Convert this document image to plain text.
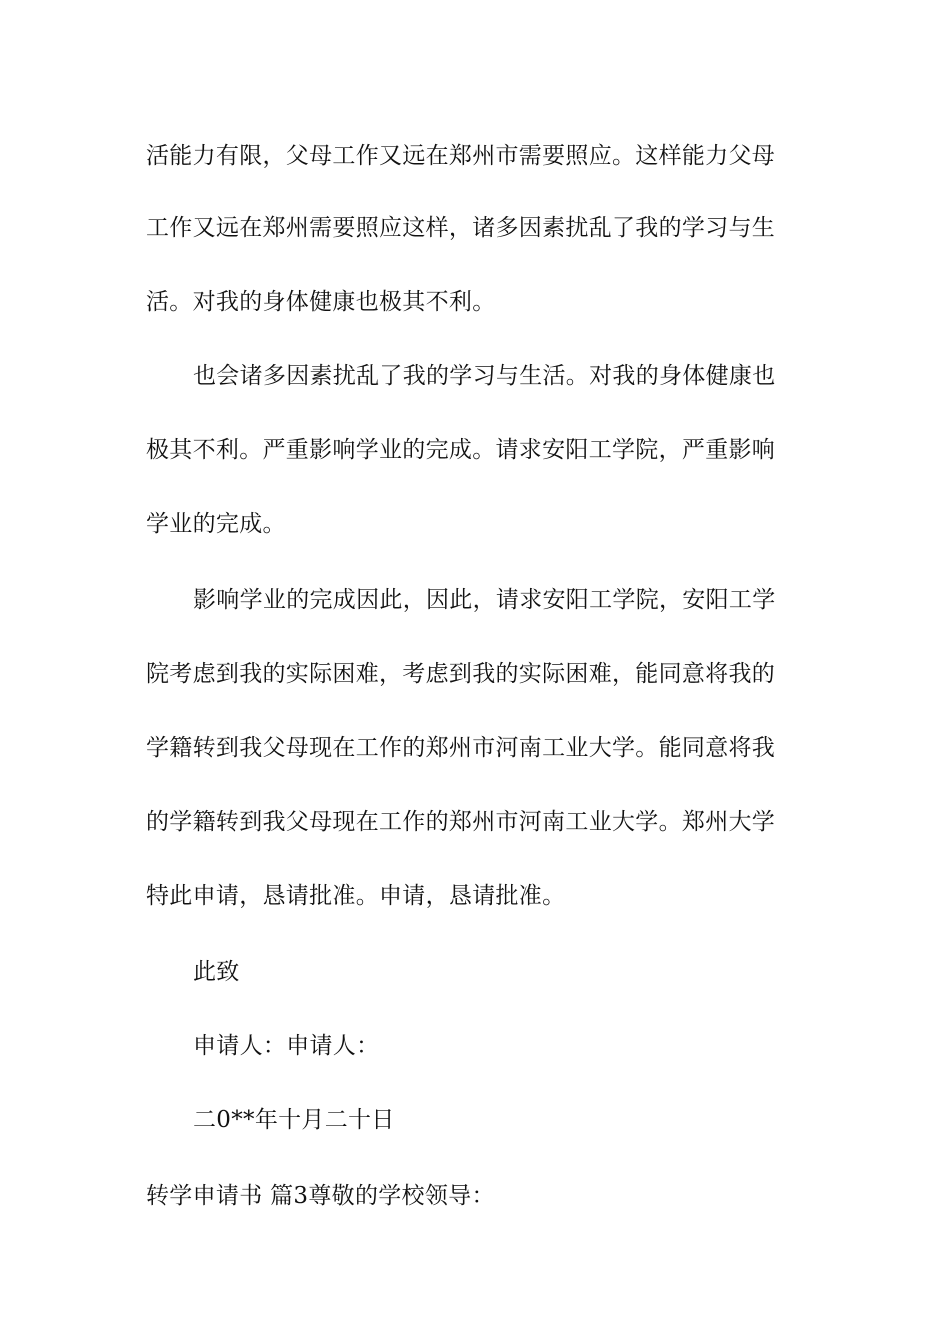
活能力有限，父母工作又远在郑州市需要照应。这样能力父母
工作又远在郑州需要照应这样，诸多因素扰乱了我的学习与生
活。对我的身体健康也极其不利。
也会诸多因素扰乱了我的学习与生活。对我的身体健康也
极其不利。严重影响学业的完成。请求安阳工学院，严重影响
学业的完成。
影响学业的完成因此，因此，请求安阳工学院，安阳工学
院考虑到我的实际困难，考虑到我的实际困难，能同意将我的
学籍转到我父母现在工作的郑州市河南工业大学。能同意将我
的学籍转到我父母现在工作的郑州市河南工业大学。郑州大学
特此申请，恳请批准。申请，恳请批准。
此致
申请人：申请人：
二0**年十月二十日
转学申请书 篇3尊敬的学校领导：
